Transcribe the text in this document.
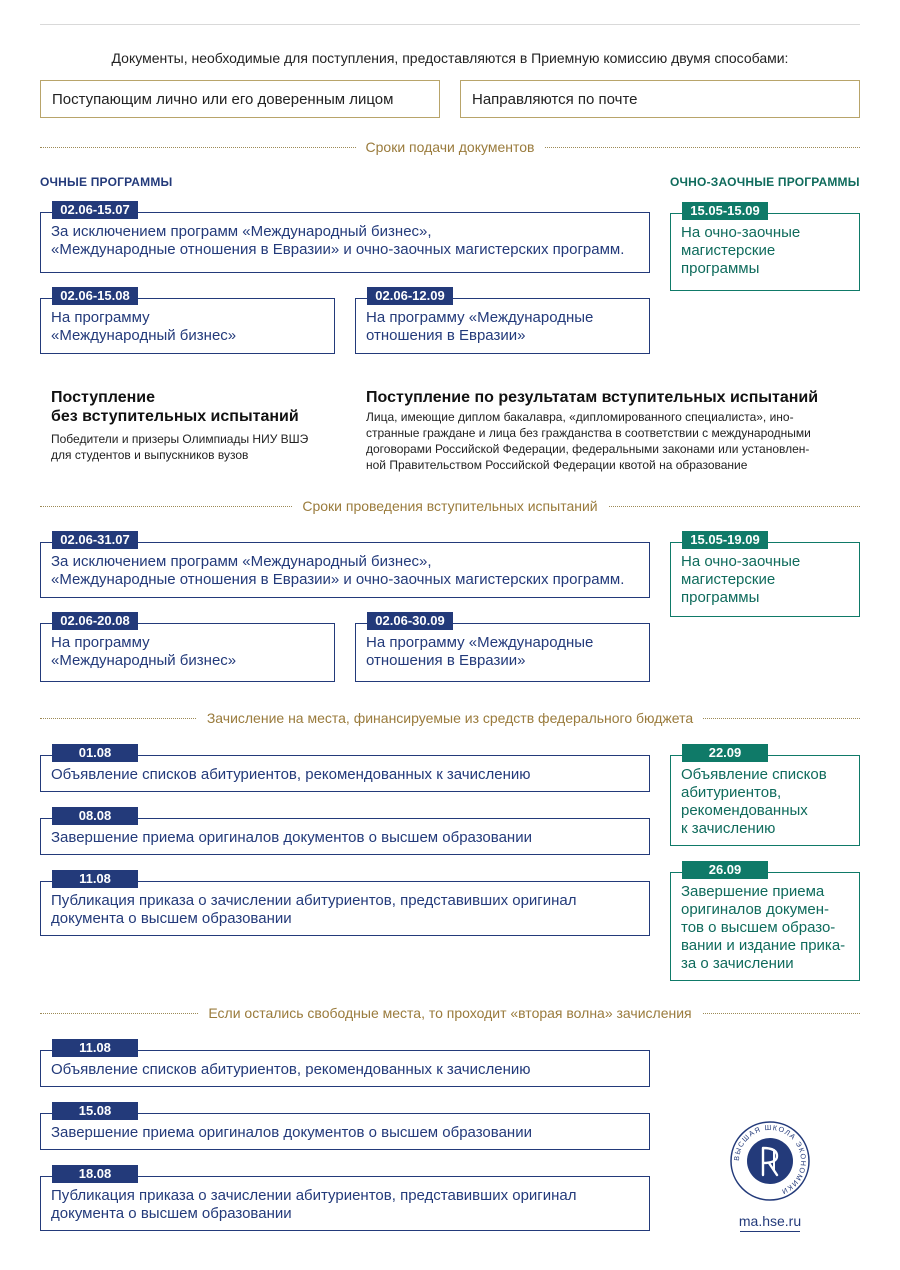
Документы, необходимые для поступления, предоставляются в Приемную комиссию двумя способами:
Поступающим лично или его доверенным лицом	Направляются по почте
Сроки подачи документов
ОЧНЫЕ ПРОГРАММЫ	ОЧНО-ЗАОЧНЫЕ ПРОГРАММЫ
За исключением программ «Международный бизнес»,
«Международные отношения в Евразии» и очно-заочных магистерских программ.
02.06-15.07
На программу
«Международный бизнес»
02.06-15.08
На программу «Международные
отношения в Евразии»
02.06-12.09
На очно-заочные
магистерские
программы
15.05-15.09
Поступление
без вступительных испытаний
Победители и призеры Олимпиады НИУ ВШЭ
для студентов и выпускников вузов
Поступление по результатам вступительных испытаний
Лица, имеющие диплом бакалавра, «дипломированного специалиста», ино-
странные граждане и лица без гражданства в соответствии с международными
договорами Российской Федерации, федеральными законами или установлен-
ной Правительством Российской Федерации квотой на образование
Сроки проведения вступительных испытаний
За исключением программ «Международный бизнес»,
«Международные отношения в Евразии» и очно-заочных магистерских программ.
02.06-31.07
На программу
«Международный бизнес»
02.06-20.08
На программу «Международные
отношения в Евразии»
02.06-30.09
На очно-заочные
магистерские
программы
15.05-19.09
Зачисление на места, финансируемые из средств федерального бюджета
Объявление списков абитуриентов, рекомендованных к зачислению
01.08
Завершение приема оригиналов документов о высшем образовании
08.08
Публикация приказа о зачислении абитуриентов, представивших оригинал
документа о высшем образовании
11.08
Объявление списков
абитуриентов,
рекомендованных
к зачислению
22.09
Завершение приема
оригиналов докумен-
тов о высшем образо-
вании и издание прика-
за о зачислении
26.09
Если остались свободные места, то проходит «вторая волна» зачисления
Объявление списков абитуриентов, рекомендованных к зачислению
11.08
Завершение приема оригиналов документов о высшем образовании
15.08
Публикация приказа о зачислении абитуриентов, представивших оригинал
документа о высшем образовании
18.08
ВЫСШАЯ ШКОЛА ЭКОНОМИКИ
ma.hse.ru
